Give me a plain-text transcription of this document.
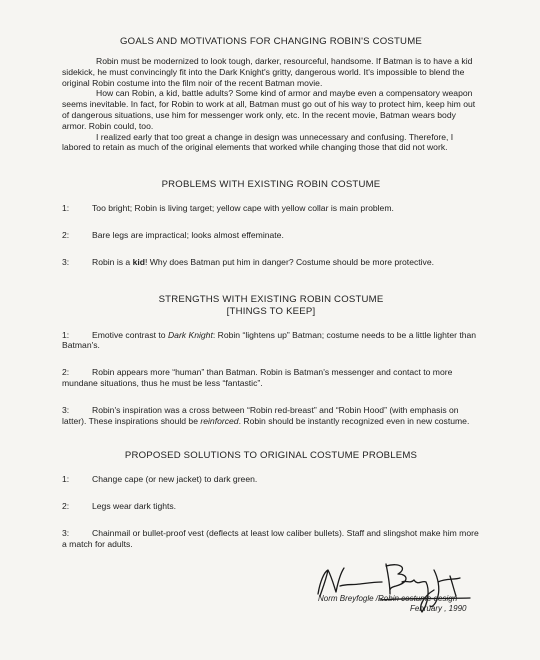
GOALS AND MOTIVATIONS FOR CHANGING ROBIN'S COSTUME

Robin must be modernized to look tough, darker, resourceful, handsome. If Batman is to have a kid sidekick, he must convincingly fit into the Dark Knight's gritty, dangerous world. It's impossible to blend the original Robin costume into the film noir of the recent Batman movie.

How can Robin, a kid, battle adults? Some kind of armor and maybe even a compensatory weapon seems inevitable. In fact, for Robin to work at all, Batman must go out of his way to protect him, keep him out of dangerous situations, use him for messenger work only, etc. In the recent movie, Batman wears body armor. Robin could, too.

I realized early that too great a change in design was unnecessary and confusing. Therefore, I labored to retain as much of the original elements that worked while changing those that did not work.

PROBLEMS WITH EXISTING ROBIN COSTUME

1:	Too bright; Robin is living target; yellow cape with yellow collar is main problem.

2:	Bare legs are impractical; looks almost effeminate.

3:	Robin is a kid! Why does Batman put him in danger? Costume should be more protective.

STRENGTHS WITH EXISTING ROBIN COSTUME

[THINGS TO KEEP]

1:	Emotive contrast to Dark Knight: Robin “lightens up” Batman; costume needs to be a little lighter than Batman's.

2:	Robin appears more “human” than Batman. Robin is Batman's messenger and contact to more mundane situations, thus he must be less “fantastic”.

3:	Robin's inspiration was a cross between “Robin red-breast” and “Robin Hood” (with emphasis on latter). These inspirations should be reinforced. Robin should be instantly recognized even in new costume.

PROPOSED SOLUTIONS TO ORIGINAL COSTUME PROBLEMS

1:	Change cape (or new jacket) to dark green.

2:	Legs wear dark tights.

3:	Chainmail or bullet-proof vest (deflects at least low caliber bullets). Staff and slingshot make him more a match for adults.

Norm Breyfogle /Robin costume design
February , 1990
